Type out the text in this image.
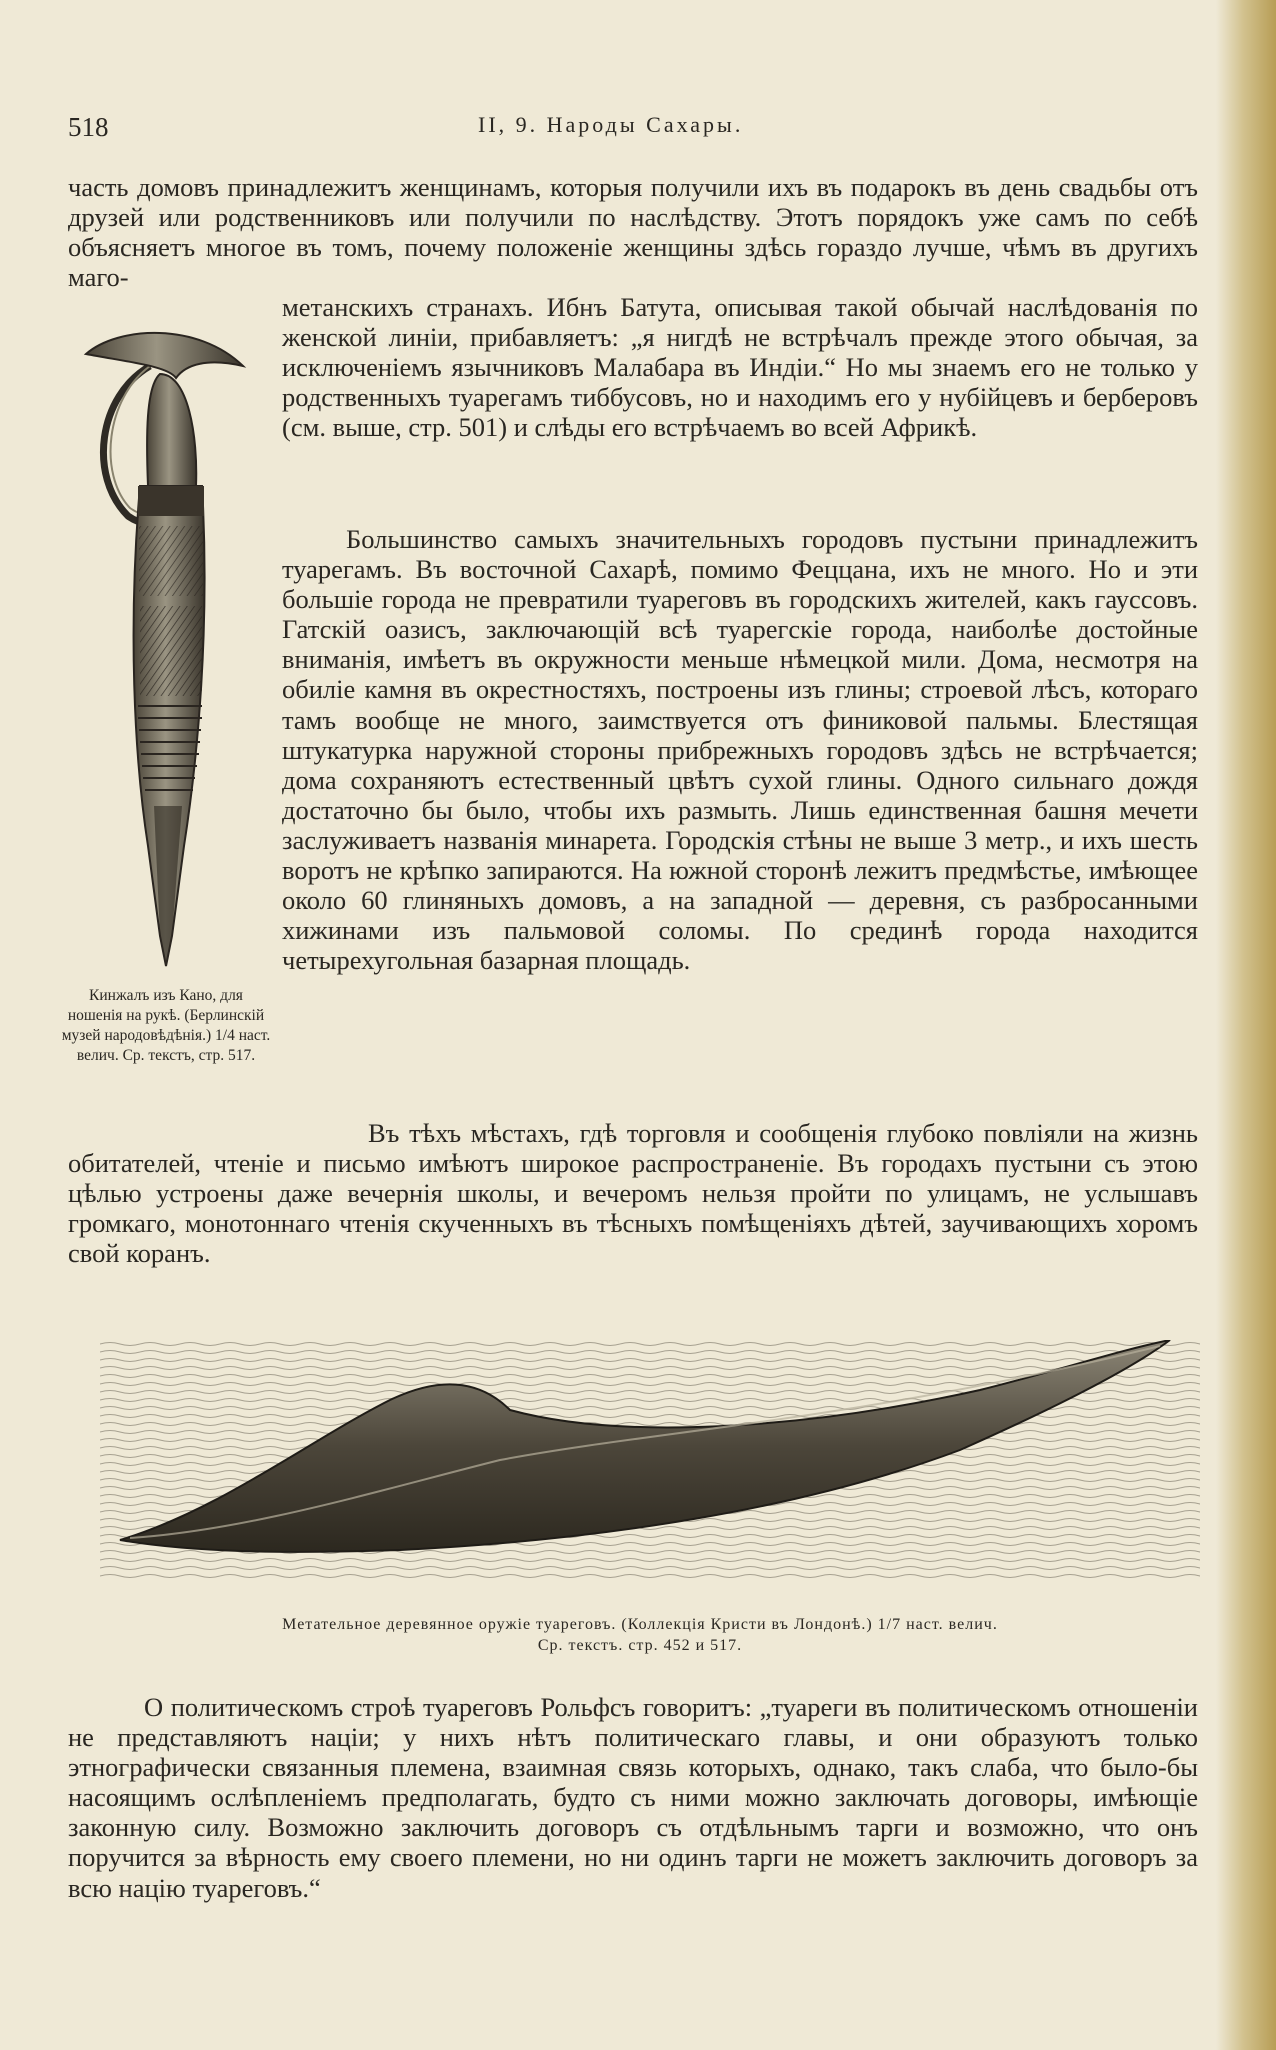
518	II, 9. Народы Сахары.

часть домовъ принадлежитъ женщинамъ, которыя получили ихъ въ подарокъ въ день свадьбы отъ друзей или родственниковъ или получили по наслѣдству. Этотъ порядокъ уже самъ по себѣ объясняетъ многое въ томъ, почему положенiе женщины здѣсь гораздо лучше, чѣмъ въ другихъ маго-

метанскихъ странахъ. Ибнъ Батута, описывая такой обычай наслѣдованiя по женской линiи, прибавляетъ: „я нигдѣ не встрѣчалъ прежде этого обычая, за исключенiемъ язычниковъ Малабара въ Индiи.“ Но мы знаемъ его не только у родственныхъ туарегамъ тиббусовъ, но и находимъ его у нубiйцевъ и берберовъ (см. выше, стр. 501) и слѣды его встрѣчаемъ во всей Африкѣ.

Большинство самыхъ значительныхъ городовъ пустыни принадлежитъ туарегамъ. Въ восточной Сахарѣ, помимо Феццана, ихъ не много. Но и эти большiе города не превратили туареговъ въ городскихъ жителей, какъ гауссовъ. Гатскiй оазисъ, заключающiй всѣ туарегскiе города, наиболѣе достойные вниманiя, имѣетъ въ окружности меньше нѣмецкой мили. Дома, несмотря на обилiе камня въ окрестностяхъ, построены изъ глины; строевой лѣсъ, котораго тамъ вообще не много, заимствуется отъ финиковой пальмы. Блестящая штукатурка наружной стороны прибрежныхъ городовъ здѣсь не встрѣчается; дома сохраняютъ естественный цвѣтъ сухой глины. Одного сильнаго дождя достаточно бы было, чтобы ихъ размыть. Лишь единственная башня мечети заслуживаетъ названiя минарета. Городскiя стѣны не выше 3 метр., и ихъ шесть воротъ не крѣпко запираются. На южной сторонѣ лежитъ предмѣстье, имѣющее около 60 глиняныхъ домовъ, а на западной — деревня, съ разбросанными хижинами изъ пальмовой соломы. По срединѣ города находится четырехугольная базарная площадь.

Въ тѣхъ мѣстахъ, гдѣ торговля и сообщенiя глубоко повлiяли на жизнь обитателей, чтенiе и письмо имѣютъ широкое распространенiе. Въ городахъ пустыни съ этою цѣлью устроены даже вечернiя школы, и вечеромъ нельзя пройти по улицамъ, не услышавъ громкаго, монотоннаго чтенiя скученныхъ въ тѣсныхъ помѣщенiяхъ дѣтей, заучивающихъ хоромъ свой коранъ.

О политическомъ строѣ туареговъ Рольфсъ говоритъ: „туареги въ политическомъ отношенiи не представляютъ нацiи; у нихъ нѣтъ политическаго главы, и они образуютъ только этнографически связанныя племена, взаимная связь которыхъ, однако, такъ слаба, что было-бы насоящимъ ослѣпленiемъ предполагать, будто съ ними можно заключать договоры, имѣющiе законную силу. Возможно заключить договоръ съ отдѣльнымъ тарги и возможно, что онъ поручится за вѣрность ему своего племени, но ни одинъ тарги не можетъ заключить договоръ за всю нацiю туареговъ.“

Кинжалъ изъ Кано, для ношенiя на рукѣ. (Берлинскiй музей народовѣдѣнiя.) 1/4 наст. велич. Ср. текстъ, стр. 517.
Метательное деревянное оружiе туареговъ. (Коллекцiя Кристи въ Лондонѣ.) 1/7 наст. велич.
Ср. текстъ. стр. 452 и 517.
